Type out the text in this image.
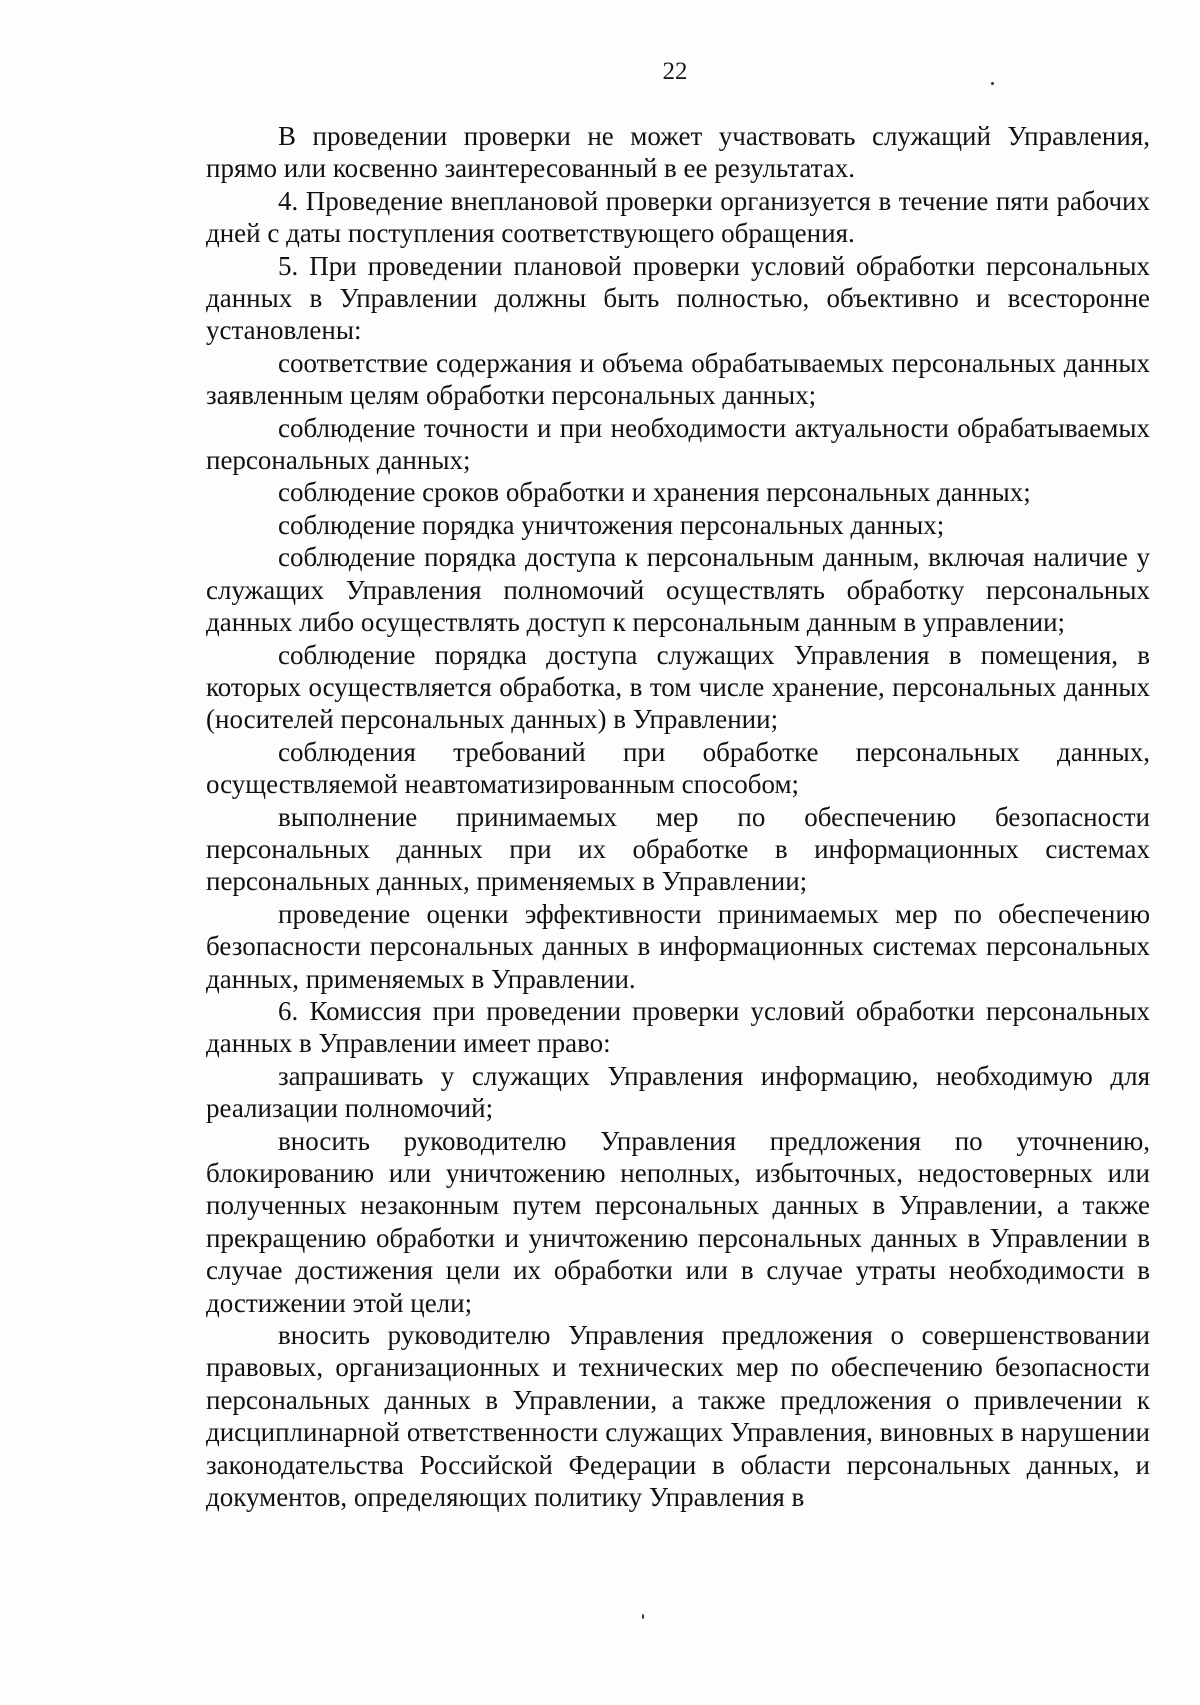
22

В проведении проверки не может участвовать служащий Управления, прямо или косвенно заинтересованный в ее результатах.

4. Проведение внеплановой проверки организуется в течение пяти рабочих дней с даты поступления соответствующего обращения.

5. При проведении плановой проверки условий обработки персональных данных в Управлении должны быть полностью, объективно и всесторонне установлены:

соответствие содержания и объема обрабатываемых персональных данных заявленным целям обработки персональных данных;

соблюдение точности и при необходимости актуальности обрабатываемых персональных данных;

соблюдение сроков обработки и хранения персональных данных;

соблюдение порядка уничтожения персональных данных;

соблюдение порядка доступа к персональным данным, включая наличие у служащих Управления полномочий осуществлять обработку персональных данных либо осуществлять доступ к персональным данным в управлении;

соблюдение порядка доступа служащих Управления в помещения, в которых осуществляется обработка, в том числе хранение, персональных данных (носителей персональных данных) в Управлении;

соблюдения требований при обработке персональных данных, осуществляемой неавтоматизированным способом;

выполнение принимаемых мер по обеспечению безопасности персональных данных при их обработке в информационных системах персональных данных, применяемых в Управлении;

проведение оценки эффективности принимаемых мер по обеспечению безопасности персональных данных в информационных системах персональных данных, применяемых в Управлении.

6. Комиссия при проведении проверки условий обработки персональных данных в Управлении имеет право:

запрашивать у служащих Управления информацию, необходимую для реализации полномочий;

вносить руководителю Управления предложения по уточнению, блокированию или уничтожению неполных, избыточных, недостоверных или полученных незаконным путем персональных данных в Управлении, а также прекращению обработки и уничтожению персональных данных в Управлении в случае достижения цели их обработки или в случае утраты необходимости в достижении этой цели;

вносить руководителю Управления предложения о совершенствовании правовых, организационных и технических мер по обеспечению безопасности персональных данных в Управлении, а также предложения о привлечении к дисциплинарной ответственности служащих Управления, виновных в нарушении законодательства Российской Федерации в области персональных данных, и документов, определяющих политику Управления в
